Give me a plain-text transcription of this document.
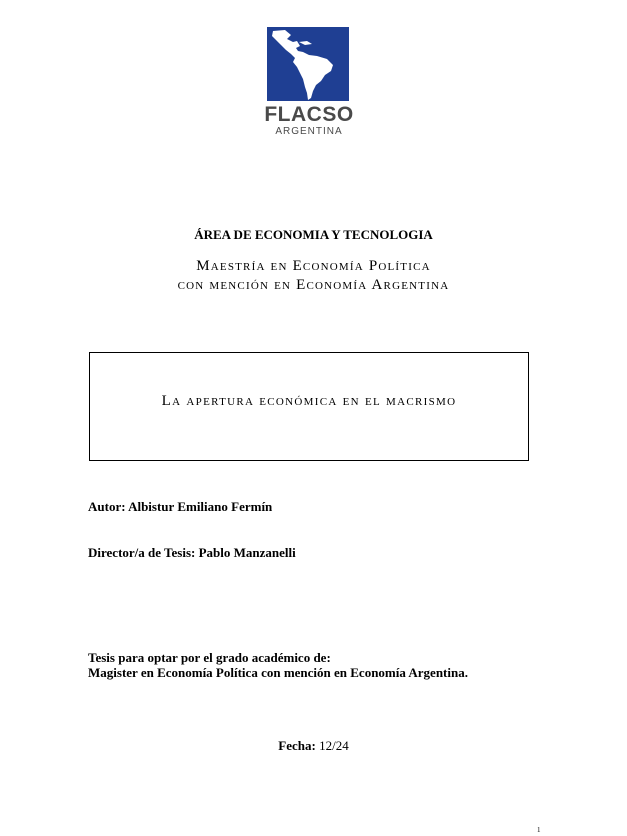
FLACSO
ARGENTINA
ÁREA DE ECONOMIA Y TECNOLOGIA
Maestría en Economía Política
con mención en Economía Argentina
La apertura económica en el macrismo
Autor: Albistur Emiliano Fermín
Director/a de Tesis: Pablo Manzanelli
Tesis para optar por el grado académico de:
Magister en Economía Política con mención en Economía Argentina.
Fecha: 12/24
1
